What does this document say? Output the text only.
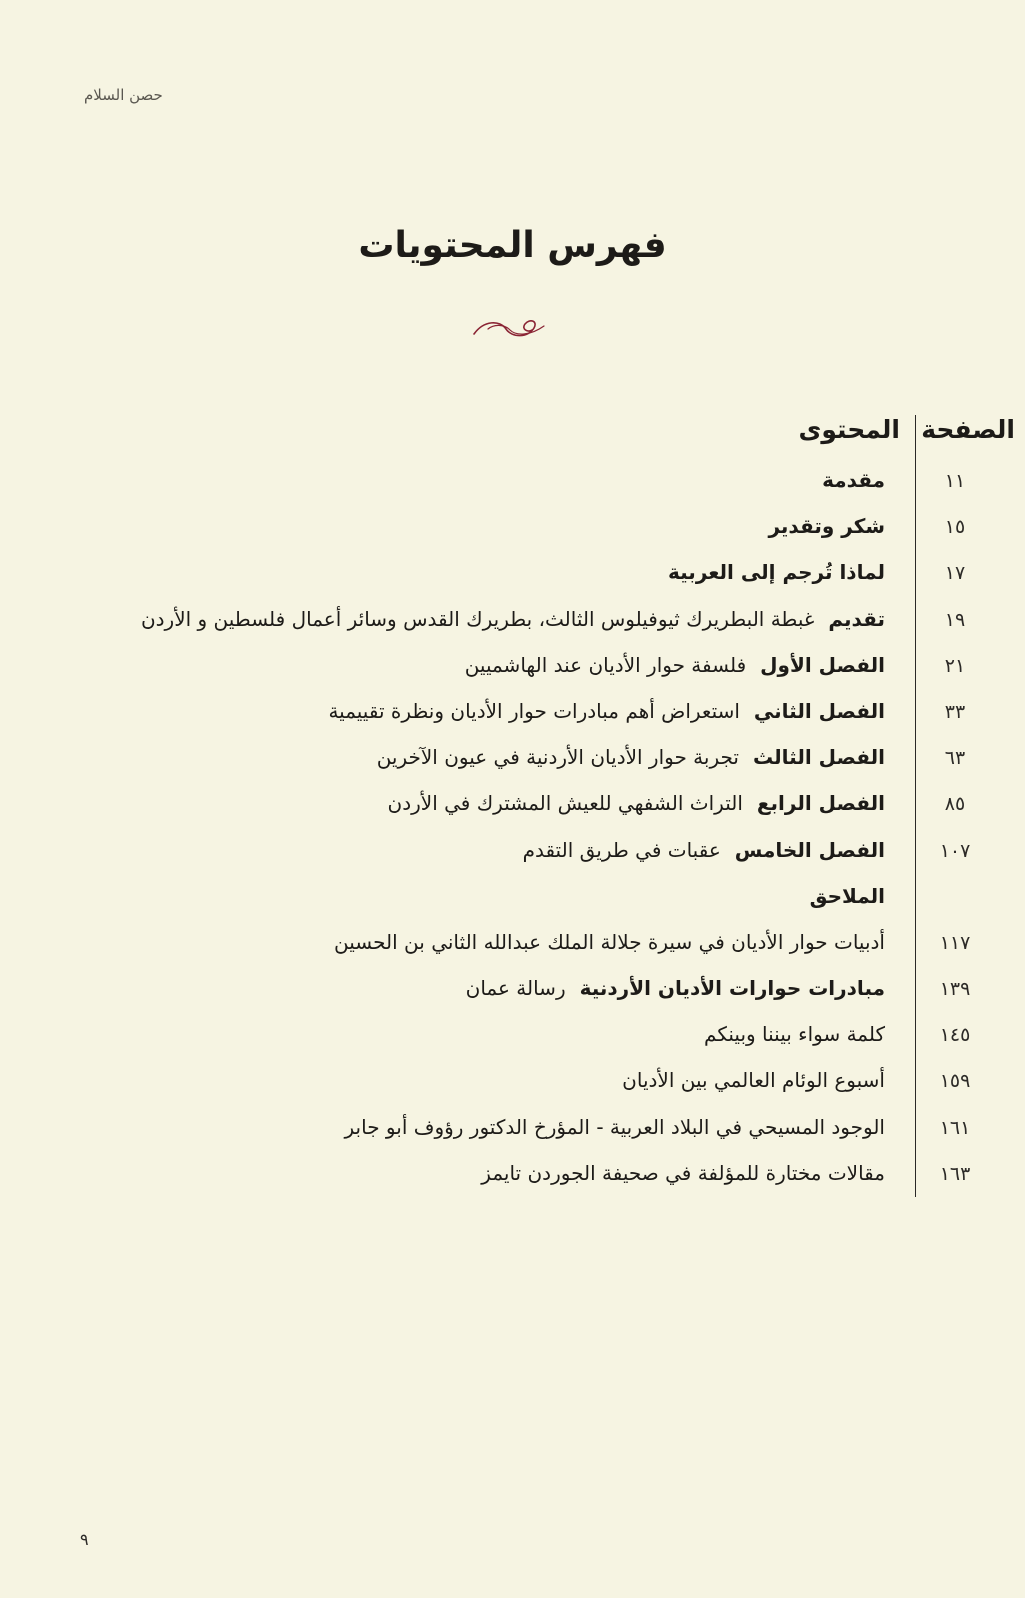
حصن السلام
فهرس المحتويات
الصفحة
المحتوى
١١
مقدمة
١٥
شكر وتقدير
١٧
لماذا تُرجم إلى العربية
١٩
تقديمغبطة البطريرك ثيوفيلوس الثالث، بطريرك القدس وسائر أعمال فلسطين و الأردن
٢١
الفصل الأولفلسفة حوار الأديان عند الهاشميين
٣٣
الفصل الثانياستعراض أهم مبادرات حوار الأديان ونظرة تقييمية
٦٣
الفصل الثالثتجربة حوار الأديان الأردنية في عيون الآخرين
٨٥
الفصل الرابعالتراث الشفهي للعيش المشترك في الأردن
١٠٧
الفصل الخامسعقبات في طريق التقدم
الملاحق
١١٧
أدبيات حوار الأديان في سيرة جلالة الملك عبدالله الثاني بن الحسين
١٣٩
مبادرات حوارات الأديان الأردنيةرسالة عمان
١٤٥
كلمة سواء بيننا وبينكم
١٥٩
أسبوع الوئام العالمي بين الأديان
١٦١
الوجود المسيحي في البلاد العربية - المؤرخ الدكتور رؤوف أبو جابر
١٦٣
مقالات مختارة للمؤلفة في صحيفة الجوردن تايمز
٩
